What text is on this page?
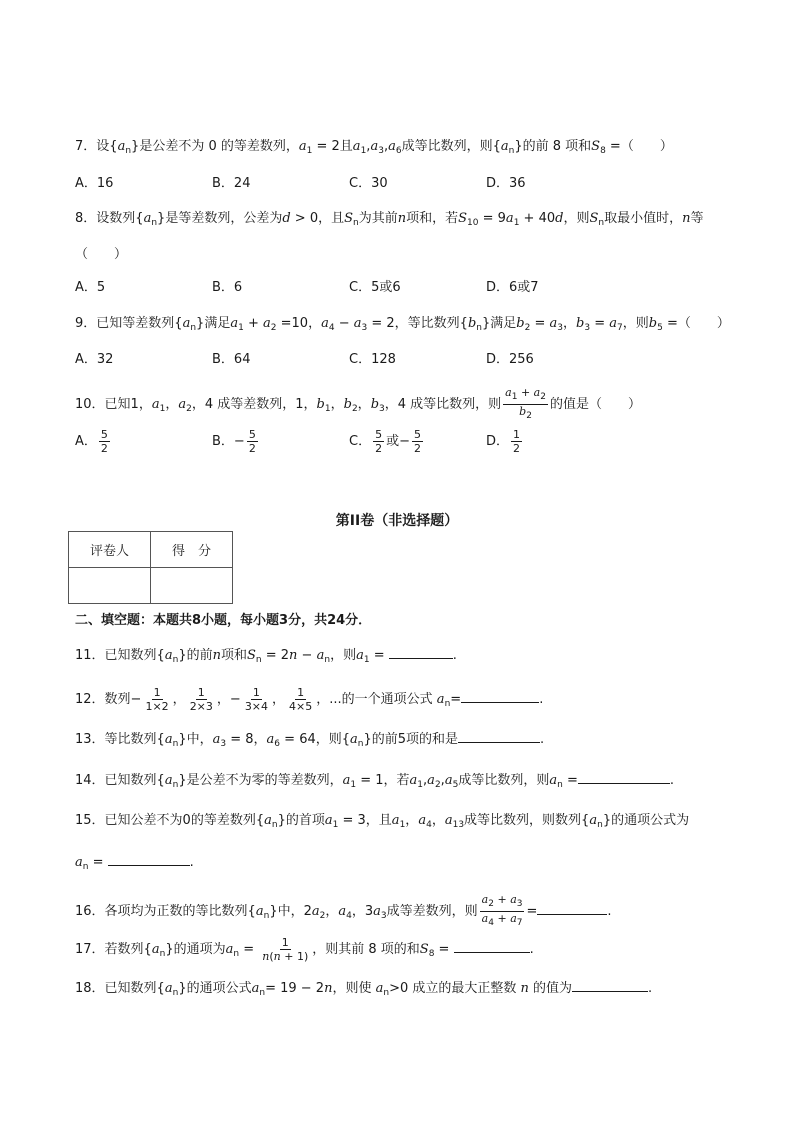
7．设$\{a_n\}$是公差不为 0 的等差数列，$a_1 = 2$且$a_1,a_3,a_6$成等比数列，则$\{a_n\}$的前 8 项和$S_8$ =（　　）
A．16	B．24	C．30	D．36
8．设数列$\{a_n\}$是等差数列，公差为d > 0，且$S_n$为其前n项和，若$S_{10} = 9a_1 + 40d$，则$S_n$取最小值时，n等
（　　）
A．5	B．6	C．5或6	D．6或7
9．已知等差数列$\{a_n\}$满足$a_1 + a_2 =10$，$a_4 - a_3 = 2$，等比数列$\{b_n\}$满足$b_2 = a_3$，$b_3 = a_7$，则$b_5$ =（　　）
A．32	B．64	C．128	D．256
10．已知1，$a_1$，$a_2$，4 成等差数列，1，$b_1$，$b_2$，$b_3$，4 成等比数列，则 $\frac{a_1 + a_2}{b_2}$ 的值是（　　）
A． $\frac{5}{2}$	B．− $\frac{5}{2}$	C． $\frac{5}{2}$ 或− $\frac{5}{2}$	D． $\frac{1}{2}$
第II卷（非选择题）
评卷人	得　分

二、填空题：本题共8小题，每小题3分，共24分．
11．已知数列$\{a_n\}$的前n项和$S_n = 2n - a_n$，则$a_1$ =	.
12．数列− $\frac{1}{1\times 2}$ ， $\frac{1}{2\times 3}$ ，− $\frac{1}{3\times 4}$ ， $\frac{1}{4\times 5}$ ，...的一个通项公式 $a_n=$	.
13．等比数列$\{a_n\}$中，$a_3 = 8$，$a_6 = 64$，则$\{a_n\}$的前5项的和是	.
14．已知数列$\{a_n\}$是公差不为零的等差数列，$a_1 = 1$，若$a_1,a_2,a_5$成等比数列，则$a_n$ =	.
15．已知公差不为0的等差数列$\{a_n\}$的首项$a_1 = 3$，且$a_1$，$a_4$，$a_{13}$成等比数列，则数列$\{a_n\}$的通项公式为
$a_n$ =	.
16．各项均为正数的等比数列$\{a_n\}$中，$2a_2$，$a_4$，$3a_3$成等差数列，则 $\frac{a_2 + a_3}{a_4 + a_7}$ =	.
17．若数列$\{a_n\}$的通项为$a_n = \frac{1}{n(n + 1)}$ ，则其前 8 项的和$S_8$ =	.
18．已知数列$\{a_n\}$的通项公式$a_n= 19 - 2n$，则使 $a_n>0$ 成立的最大正整数 n 的值为	.
